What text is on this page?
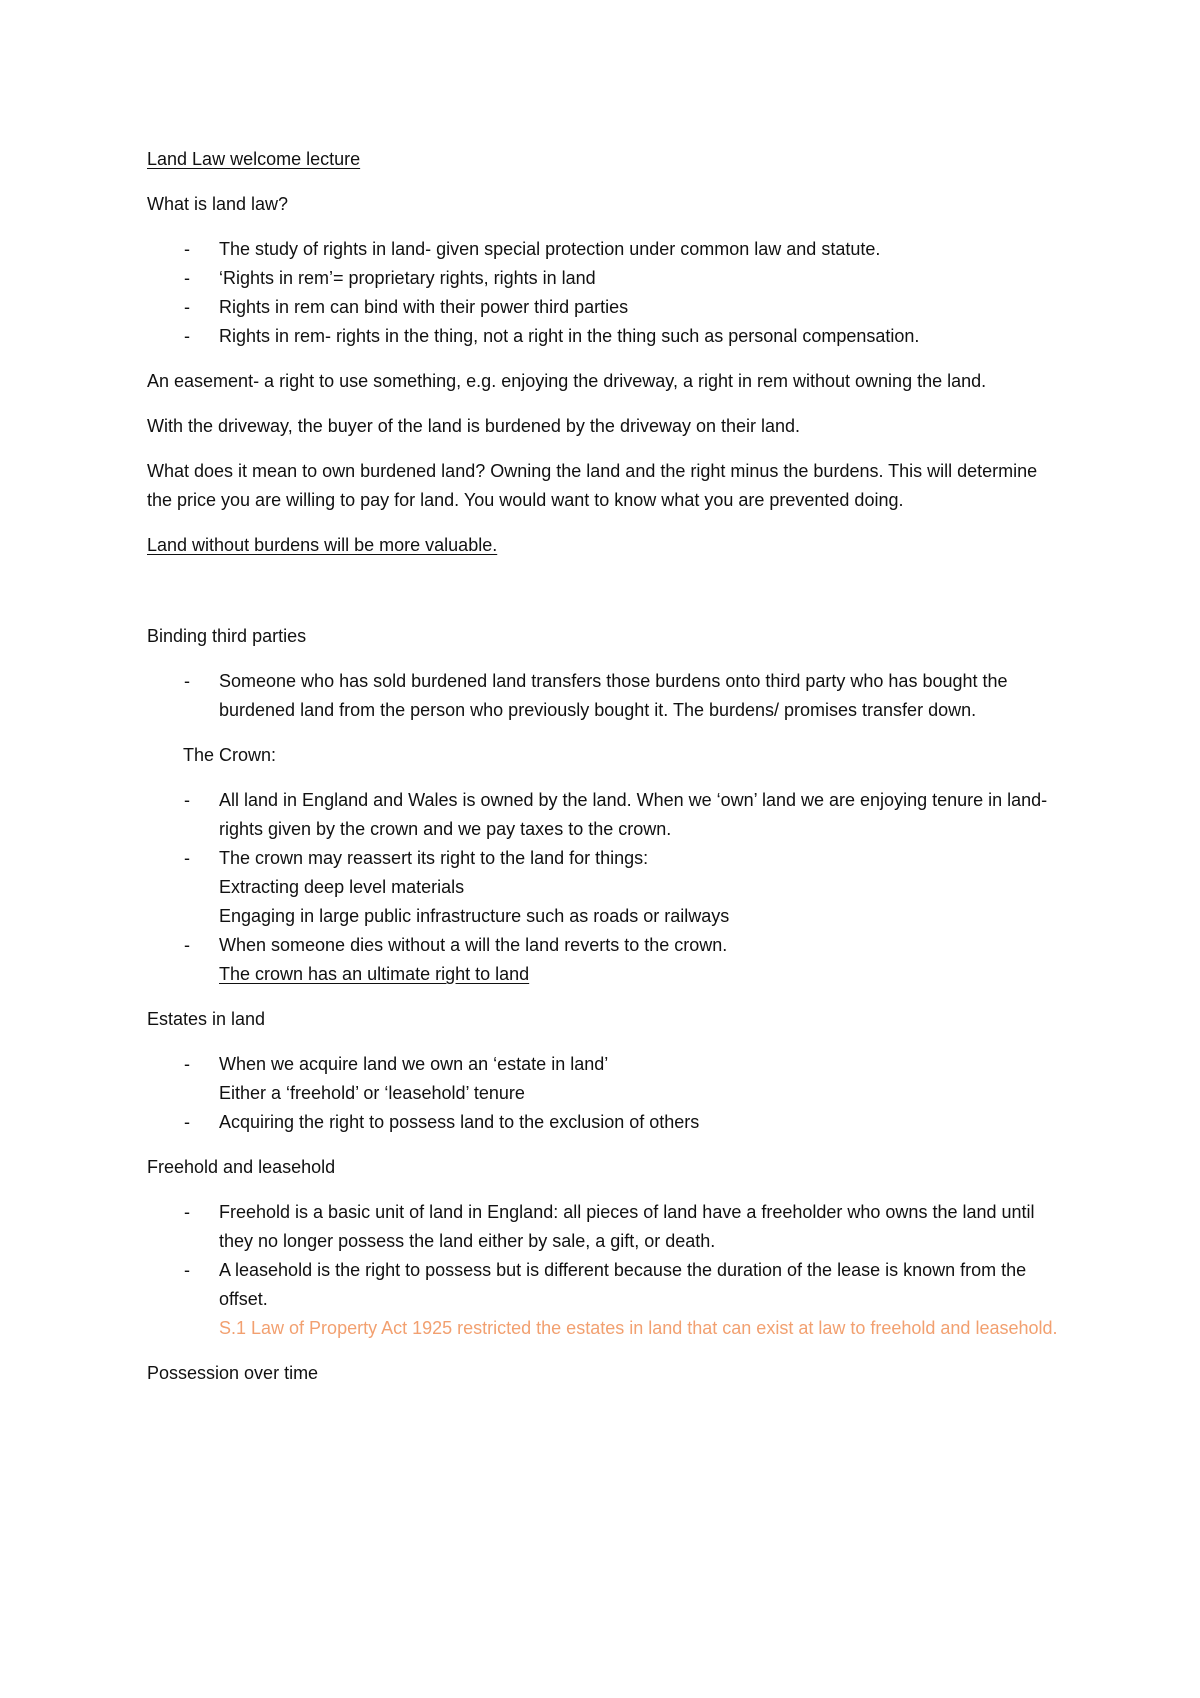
Land Law welcome lecture

What is land law?

- The study of rights in land- given special protection under common law and statute.
- ‘Rights in rem’= proprietary rights, rights in land
- Rights in rem can bind with their power third parties
- Rights in rem- rights in the thing, not a right in the thing such as personal compensation.

An easement- a right to use something, e.g. enjoying the driveway, a right in rem without owning the land.

With the driveway, the buyer of the land is burdened by the driveway on their land.

What does it mean to own burdened land? Owning the land and the right minus the burdens. This will determine the price you are willing to pay for land. You would want to know what you are prevented doing.

Land without burdens will be more valuable.

Binding third parties

- Someone who has sold burdened land transfers those burdens onto third party who has bought the burdened land from the person who previously bought it. The burdens/ promises transfer down.

The Crown:

- All land in England and Wales is owned by the land. When we ‘own’ land we are enjoying tenure in land- rights given by the crown and we pay taxes to the crown.
- The crown may reassert its right to the land for things:
Extracting deep level materials
Engaging in large public infrastructure such as roads or railways
- When someone dies without a will the land reverts to the crown.
The crown has an ultimate right to land

Estates in land

- When we acquire land we own an ‘estate in land’
Either a ‘freehold’ or ‘leasehold’ tenure
- Acquiring the right to possess land to the exclusion of others

Freehold and leasehold

- Freehold is a basic unit of land in England: all pieces of land have a freeholder who owns the land until they no longer possess the land either by sale, a gift, or death.
- A leasehold is the right to possess but is different because the duration of the lease is known from the offset.
S.1 Law of Property Act 1925 restricted the estates in land that can exist at law to freehold and leasehold.

Possession over time
